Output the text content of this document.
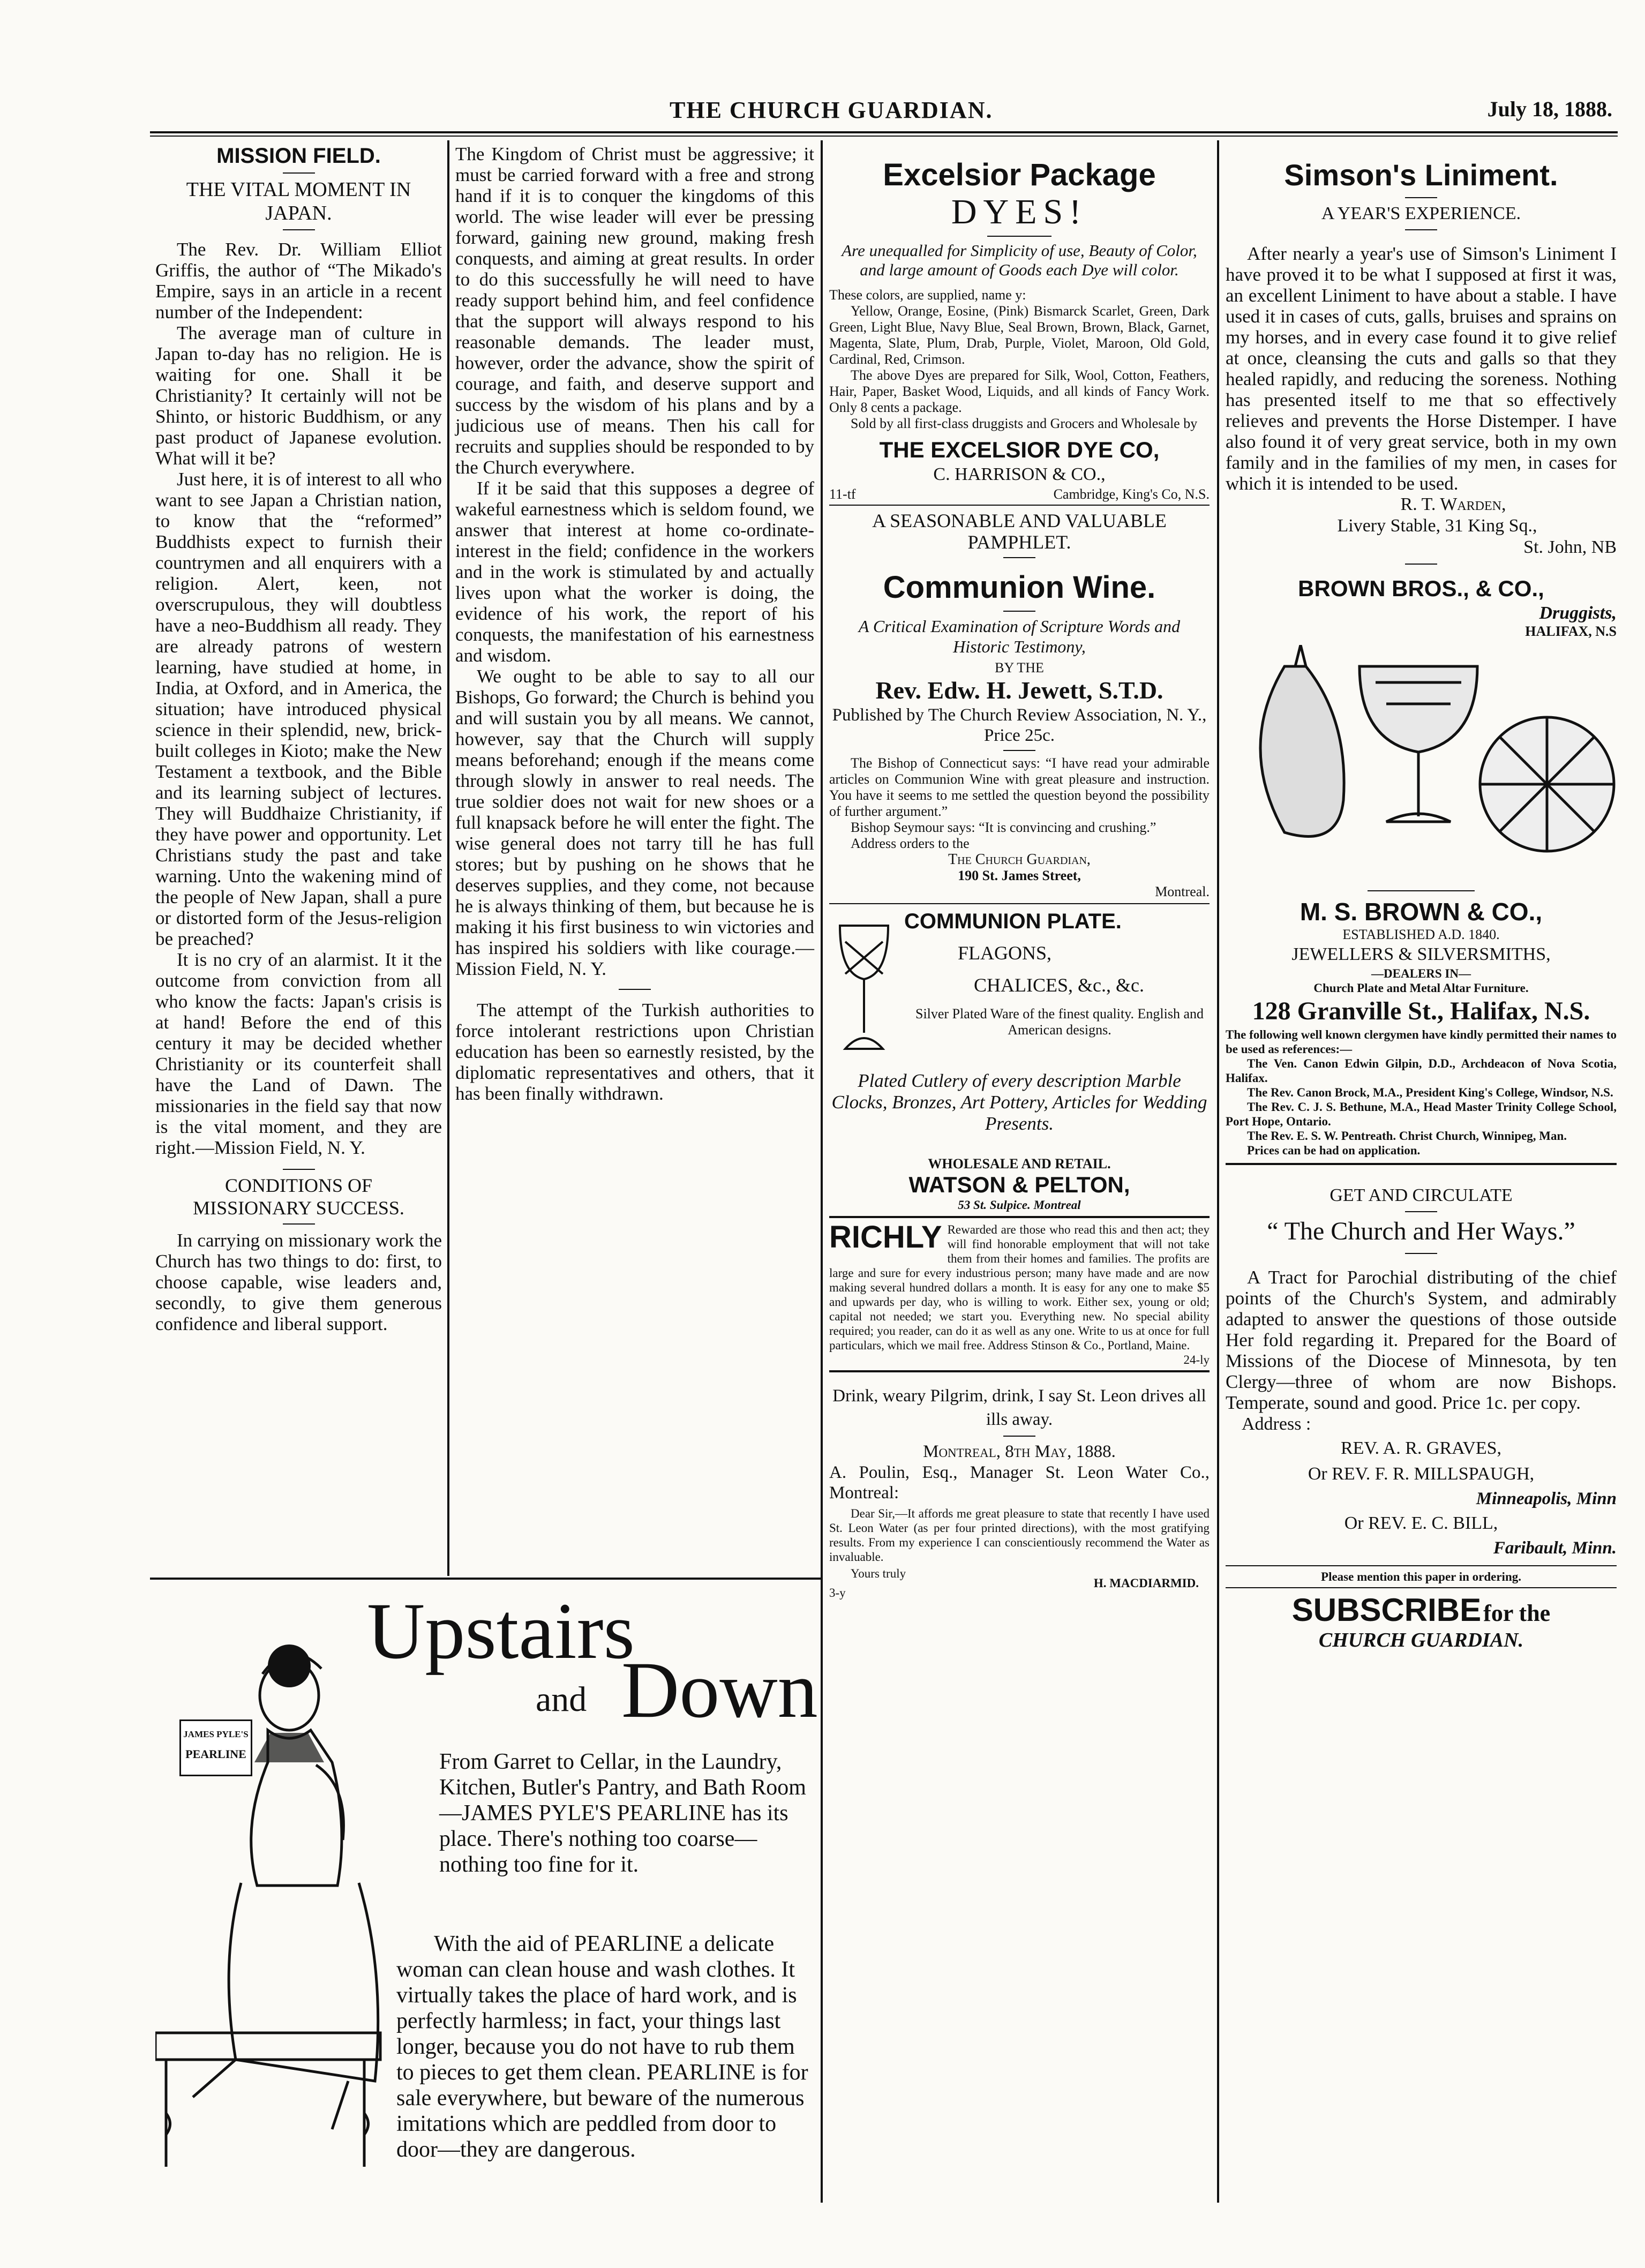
THE CHURCH GUARDIAN.	July 18, 1888.
MISSION FIELD.
THE VITAL MOMENT IN JAPAN.

The Rev. Dr. William Elliot Griffis, the author of “The Mikado's Empire, says in an article in a recent number of the Independent:

The average man of culture in Japan to-day has no religion. He is waiting for one. Shall it be Christianity? It certainly will not be Shinto, or historic Buddhism, or any past product of Japanese evolution. What will it be?

Just here, it is of interest to all who want to see Japan a Christian nation, to know that the “reformed” Buddhists expect to furnish their countrymen and all enquirers with a religion. Alert, keen, not overscrupulous, they will doubtless have a neo-Buddhism all ready. They are already patrons of western learning, have studied at home, in India, at Oxford, and in America, the situation; have introduced physical science in their splendid, new, brick-built colleges in Kioto; make the New Testament a textbook, and the Bible and its learning subject of lectures. They will Buddhaize Christianity, if they have power and opportunity. Let Christians study the past and take warning. Unto the wakening mind of the people of New Japan, shall a pure or distorted form of the Jesus-religion be preached?

It is no cry of an alarmist. It it the outcome from conviction from all who know the facts: Japan's crisis is at hand! Before the end of this century it may be decided whether Christianity or its counterfeit shall have the Land of Dawn. The missionaries in the field say that now is the vital moment, and they are right.—Mission Field, N. Y.

CONDITIONS OF MISSIONARY SUCCESS.

In carrying on missionary work the Church has two things to do: first, to choose capable, wise leaders and, secondly, to give them generous confidence and liberal support.

The Kingdom of Christ must be aggressive; it must be carried forward with a free and strong hand if it is to conquer the kingdoms of this world. The wise leader will ever be pressing forward, gaining new ground, making fresh conquests, and aiming at great results. In order to do this successfully he will need to have ready support behind him, and feel confidence that the support will always respond to his reasonable demands. The leader must, however, order the advance, show the spirit of courage, and faith, and deserve support and success by the wisdom of his plans and by a judicious use of means. Then his call for recruits and supplies should be responded to by the Church everywhere.

If it be said that this supposes a degree of wakeful earnestness which is seldom found, we answer that interest at home co-ordinate-interest in the field; confidence in the workers and in the work is stimulated by and actually lives upon what the worker is doing, the evidence of his work, the report of his conquests, the manifestation of his earnestness and wisdom.

We ought to be able to say to all our Bishops, Go forward; the Church is behind you and will sustain you by all means. We cannot, however, say that the Church will supply means beforehand; enough if the means come through slowly in answer to real needs. The true soldier does not wait for new shoes or a full knapsack before he will enter the fight. The wise general does not tarry till he has full stores; but by pushing on he shows that he deserves supplies, and they come, not because he is always thinking of them, but because he is making it his first business to win victories and has inspired his soldiers with like courage.—Mission Field, N. Y.

The attempt of the Turkish authorities to force intolerant restrictions upon Christian education has been so earnestly resisted, by the diplomatic representatives and others, that it has been finally withdrawn.

JAMES PYLE'S
PEARLINE
Upstairs
and Down

From Garret to Cellar, in the Laundry, Kitchen, Butler's Pantry, and Bath Room—JAMES PYLE'S PEARLINE has its place. There's nothing too coarse—nothing too fine for it.

With the aid of PEARLINE a delicate woman can clean house and wash clothes. It virtually takes the place of hard work, and is perfectly harmless; in fact, your things last longer, because you do not have to rub them to pieces to get them clean. PEARLINE is for sale everywhere, but beware of the numerous imitations which are peddled from door to door—they are dangerous.

Excelsior Package
DYES!

Are unequalled for Simplicity of use, Beauty of Color, and large amount of Goods each Dye will color.

These colors, are supplied, name y:

Yellow, Orange, Eosine, (Pink) Bismarck Scarlet, Green, Dark Green, Light Blue, Navy Blue, Seal Brown, Brown, Black, Garnet, Magenta, Slate, Plum, Drab, Purple, Violet, Maroon, Old Gold, Cardinal, Red, Crimson.

The above Dyes are prepared for Silk, Wool, Cotton, Feathers, Hair, Paper, Basket Wood, Liquids, and all kinds of Fancy Work. Only 8 cents a package.

Sold by all first-class druggists and Grocers and Wholesale by

THE EXCELSIOR DYE CO,
C. HARRISON & CO.,
11-tf	Cambridge, King's Co, N.S.
A SEASONABLE AND VALUABLE PAMPHLET.
Communion Wine.

A Critical Examination of Scripture Words and Historic Testimony,

BY THE
Rev. Edw. H. Jewett, S.T.D.

Published by The Church Review Association, N. Y., Price 25c.

The Bishop of Connecticut says: “I have read your admirable articles on Communion Wine with great pleasure and instruction. You have it seems to me settled the question beyond the possibility of further argument.”

Bishop Seymour says: “It is convincing and crushing.”

Address orders to the

The Church Guardian,
190 St. James Street,
Montreal.
COMMUNION PLATE.
FLAGONS,
CHALICES, &c., &c.
Silver Plated Ware of the finest quality. English and American designs.

Plated Cutlery of every description Marble Clocks, Bronzes, Art Pottery, Articles for Wedding Presents.

WHOLESALE AND RETAIL.
WATSON & PELTON,
53 St. Sulpice. Montreal
RICHLY Rewarded are those who read this and then act; they will find honorable employment that will not take them from their homes and families. The profits are large and sure for every industrious person; many have made and are now making several hundred dollars a month. It is easy for any one to make $5 and upwards per day, who is willing to work. Either sex, young or old; capital not needed; we start you. Everything new. No special ability required; you reader, can do it as well as any one. Write to us at once for full particulars, which we mail free. Address Stinson & Co., Portland, Maine.

24-ly

Drink, weary Pilgrim, drink, I say St. Leon drives all ills away.

Montreal, 8th May, 1888.

A. Poulin, Esq., Manager St. Leon Water Co., Montreal:

Dear Sir,—It affords me great pleasure to state that recently I have used St. Leon Water (as per four printed directions), with the most gratifying results. From my experience I can conscientiously recommend the Water as invaluable.

Yours truly
H. MACDIARMID.
3-y
Simson's Liniment.
A YEAR'S EXPERIENCE.

After nearly a year's use of Simson's Liniment I have proved it to be what I supposed at first it was, an excellent Liniment to have about a stable. I have used it in cases of cuts, galls, bruises and sprains on my horses, and in every case found it to give relief at once, cleansing the cuts and galls so that they healed rapidly, and reducing the soreness. Nothing has presented itself to me that so effectively relieves and prevents the Horse Distemper. I have also found it of very great service, both in my own family and in the families of my men, in cases for which it is intended to be used.

R. T. Warden,
Livery Stable, 31 King Sq.,
St. John, NB
BROWN BROS., & CO.,
Druggists,
HALIFAX, N.S
M. S. BROWN & CO.,
ESTABLISHED A.D. 1840.
JEWELLERS & SILVERSMITHS,
—DEALERS IN—
Church Plate and Metal Altar Furniture.
128 Granville St., Halifax, N.S.

The following well known clergymen have kindly permitted their names to be used as references:—

The Ven. Canon Edwin Gilpin, D.D., Archdeacon of Nova Scotia, Halifax.

The Rev. Canon Brock, M.A., President King's College, Windsor, N.S.

The Rev. C. J. S. Bethune, M.A., Head Master Trinity College School, Port Hope, Ontario.

The Rev. E. S. W. Pentreath. Christ Church, Winnipeg, Man.

Prices can be had on application.

GET AND CIRCULATE
“ The Church and Her Ways.”

A Tract for Parochial distributing of the chief points of the Church's System, and admirably adapted to answer the questions of those outside Her fold regarding it. Prepared for the Board of Missions of the Diocese of Minnesota, by ten Clergy—three of whom are now Bishops. Temperate, sound and good. Price 1c. per copy.

Address :
REV. A. R. GRAVES,
Or REV. F. R. MILLSPAUGH,
Minneapolis, Minn
Or REV. E. C. BILL,
Faribault, Minn.
Please mention this paper in ordering.
SUBSCRIBE for the
CHURCH GUARDIAN.
